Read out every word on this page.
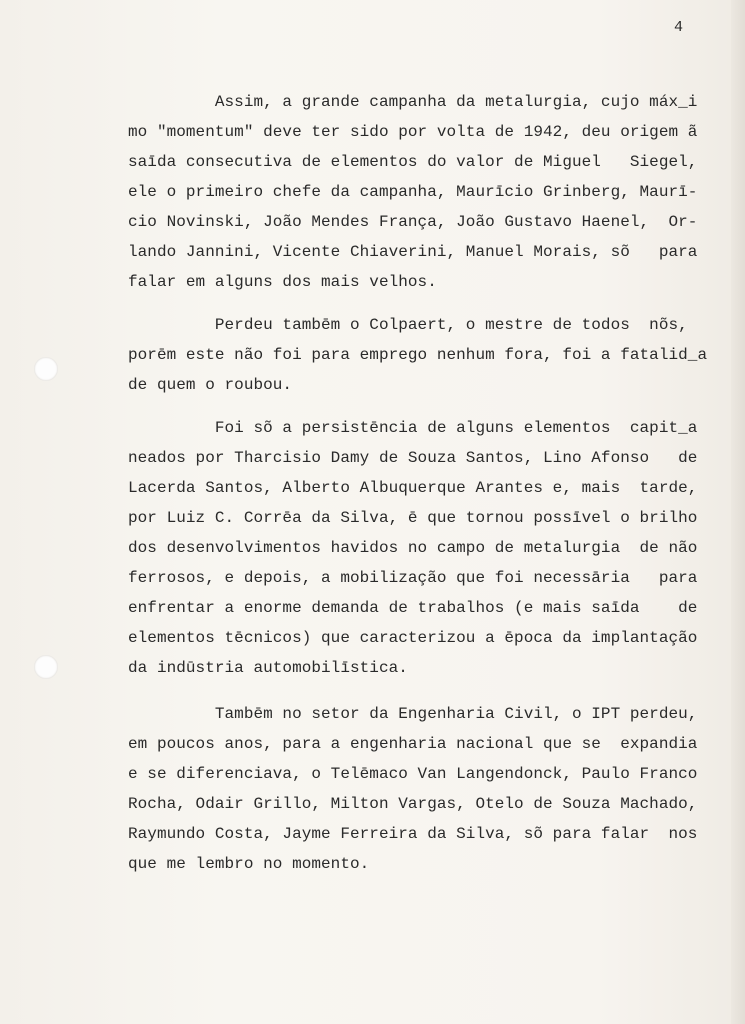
4
Assim, a grande campanha da metalurgia, cujo máx_i
mo "momentum" deve ter sido por volta de 1942, deu origem ã
saīda consecutiva de elementos do valor de Miguel   Siegel,
ele o primeiro chefe da campanha, Maurīcio Grinberg, Maurī-
cio Novinski, João Mendes França, João Gustavo Haenel,  Or-
lando Jannini, Vicente Chiaverini, Manuel Morais, sõ   para
falar em alguns dos mais velhos.
Perdeu tambēm o Colpaert, o mestre de todos  nõs,
porēm este não foi para emprego nenhum fora, foi a fatalid_a
de quem o roubou.
Foi sõ a persistēncia de alguns elementos  capit_a
neados por Tharcisio Damy de Souza Santos, Lino Afonso   de
Lacerda Santos, Alberto Albuquerque Arantes e, mais  tarde,
por Luiz C. Corrēa da Silva, ē que tornou possīvel o brilho
dos desenvolvimentos havidos no campo de metalurgia  de não
ferrosos, e depois, a mobilização que foi necessāria   para
enfrentar a enorme demanda de trabalhos (e mais saīda    de
elementos tēcnicos) que caracterizou a ēpoca da implantação
da indūstria automobilīstica.
Tambēm no setor da Engenharia Civil, o IPT perdeu,
em poucos anos, para a engenharia nacional que se  expandia
e se diferenciava, o Telēmaco Van Langendonck, Paulo Franco
Rocha, Odair Grillo, Milton Vargas, Otelo de Souza Machado,
Raymundo Costa, Jayme Ferreira da Silva, sõ para falar  nos
que me lembro no momento.
